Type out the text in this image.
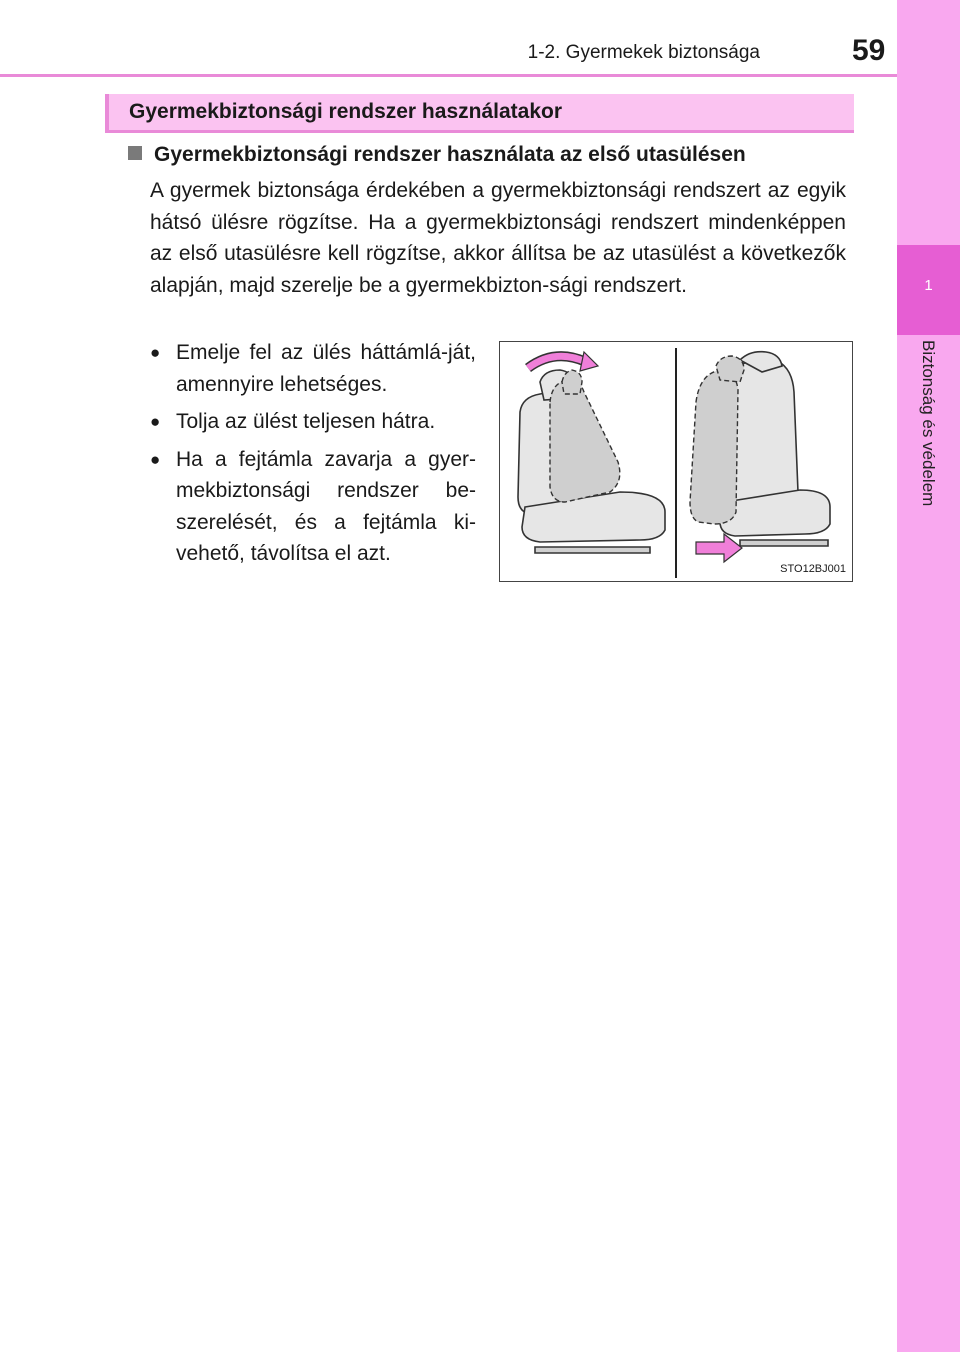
1-2. Gyermekek biztonsága	59
1
Biztonság és védelem
Gyermekbiztonsági rendszer használatakor
Gyermekbiztonsági rendszer használata az első utasülésen

A gyermek biztonsága érdekében a gyermekbiztonsági rendszert az egyik hátsó ülésre rögzítse. Ha a gyermekbiztonsági rendszert mindenképpen az első utasülésre kell rögzítse, akkor állítsa be az utasülést a következők alapján, majd szerelje be a gyermekbizton-sági rendszert.

● Emelje fel az ülés háttámlá-ját, amennyire lehetséges.
● Tolja az ülést teljesen hátra.
● Ha a fejtámla zavarja a gyer-mekbiztonsági rendszer be-szerelését, és a fejtámla ki-vehető, távolítsa el azt.
STO12BJ001
